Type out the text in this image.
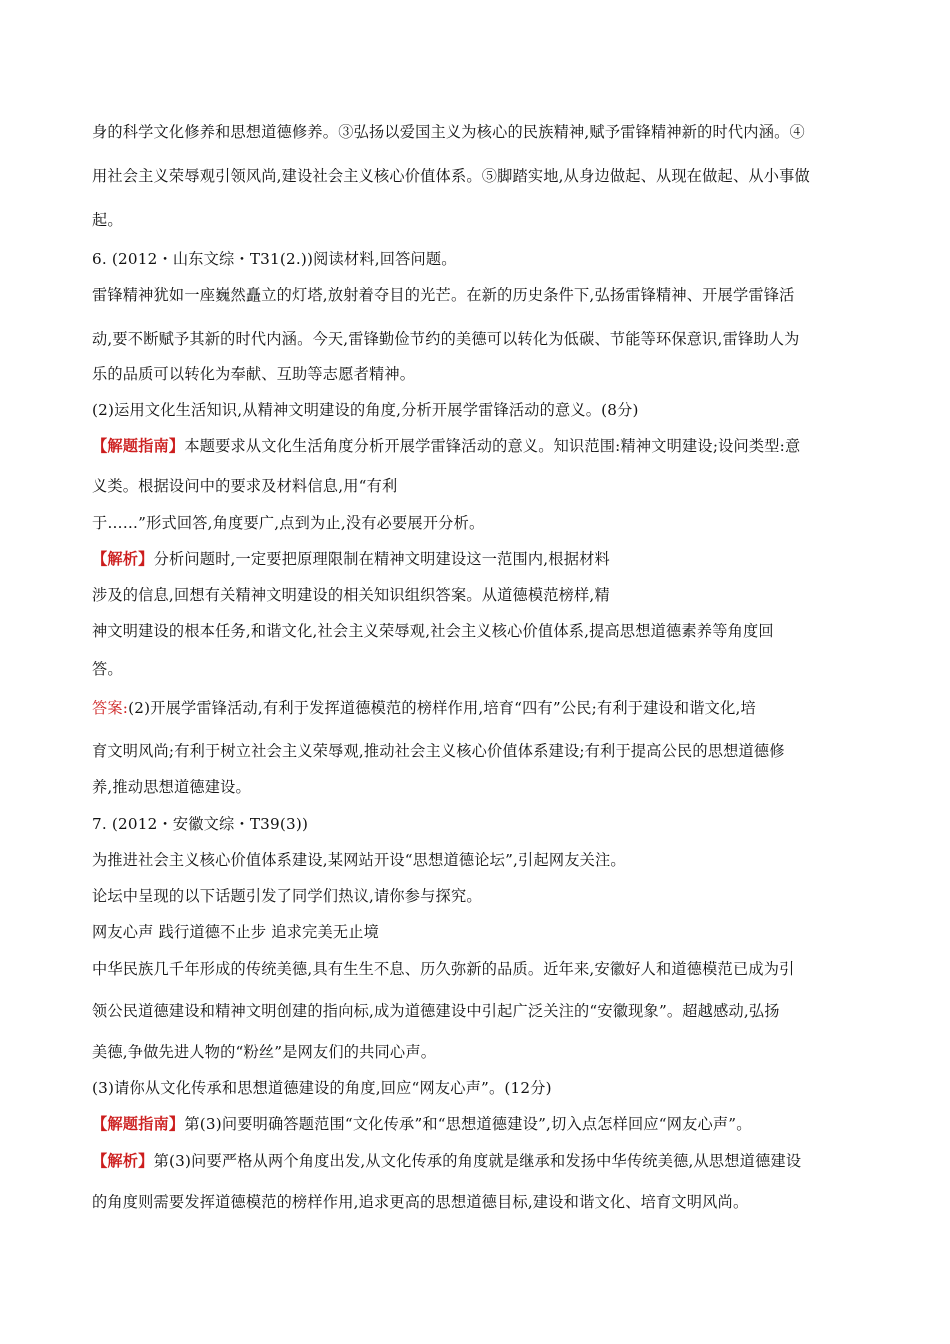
身的科学文化修养和思想道德修养。③弘扬以爱国主义为核心的民族精神,赋予雷锋精神新的时代内涵。④
用社会主义荣辱观引领风尚,建设社会主义核心价值体系。⑤脚踏实地,从身边做起、从现在做起、从小事做
起。
6. (2012・山东文综・T31(2.))阅读材料,回答问题。
雷锋精神犹如一座巍然矗立的灯塔,放射着夺目的光芒。在新的历史条件下,弘扬雷锋精神、开展学雷锋活
动,要不断赋予其新的时代内涵。今天,雷锋勤俭节约的美德可以转化为低碳、节能等环保意识,雷锋助人为
乐的品质可以转化为奉献、互助等志愿者精神。
(2)运用文化生活知识,从精神文明建设的角度,分析开展学雷锋活动的意义。(8分)
【解题指南】本题要求从文化生活角度分析开展学雷锋活动的意义。知识范围:精神文明建设;设问类型:意
义类。根据设问中的要求及材料信息,用“有利
于……”形式回答,角度要广,点到为止,没有必要展开分析。
【解析】分析问题时,一定要把原理限制在精神文明建设这一范围内,根据材料
涉及的信息,回想有关精神文明建设的相关知识组织答案。从道德模范榜样,精
神文明建设的根本任务,和谐文化,社会主义荣辱观,社会主义核心价值体系,提高思想道德素养等角度回
答。
答案:(2)开展学雷锋活动,有利于发挥道德模范的榜样作用,培育“四有”公民;有利于建设和谐文化,培
育文明风尚;有利于树立社会主义荣辱观,推动社会主义核心价值体系建设;有利于提高公民的思想道德修
养,推动思想道德建设。
7. (2012・安徽文综・T39(3))
为推进社会主义核心价值体系建设,某网站开设“思想道德论坛”,引起网友关注。
论坛中呈现的以下话题引发了同学们热议,请你参与探究。
网友心声 践行道德不止步 追求完美无止境
中华民族几千年形成的传统美德,具有生生不息、历久弥新的品质。近年来,安徽好人和道德模范已成为引
领公民道德建设和精神文明创建的指向标,成为道德建设中引起广泛关注的“安徽现象”。超越感动,弘扬
美德,争做先进人物的“粉丝”是网友们的共同心声。
(3)请你从文化传承和思想道德建设的角度,回应“网友心声”。(12分)
【解题指南】第(3)问要明确答题范围“文化传承”和“思想道德建设”,切入点怎样回应“网友心声”。
【解析】第(3)问要严格从两个角度出发,从文化传承的角度就是继承和发扬中华传统美德,从思想道德建设
的角度则需要发挥道德模范的榜样作用,追求更高的思想道德目标,建设和谐文化、培育文明风尚。
